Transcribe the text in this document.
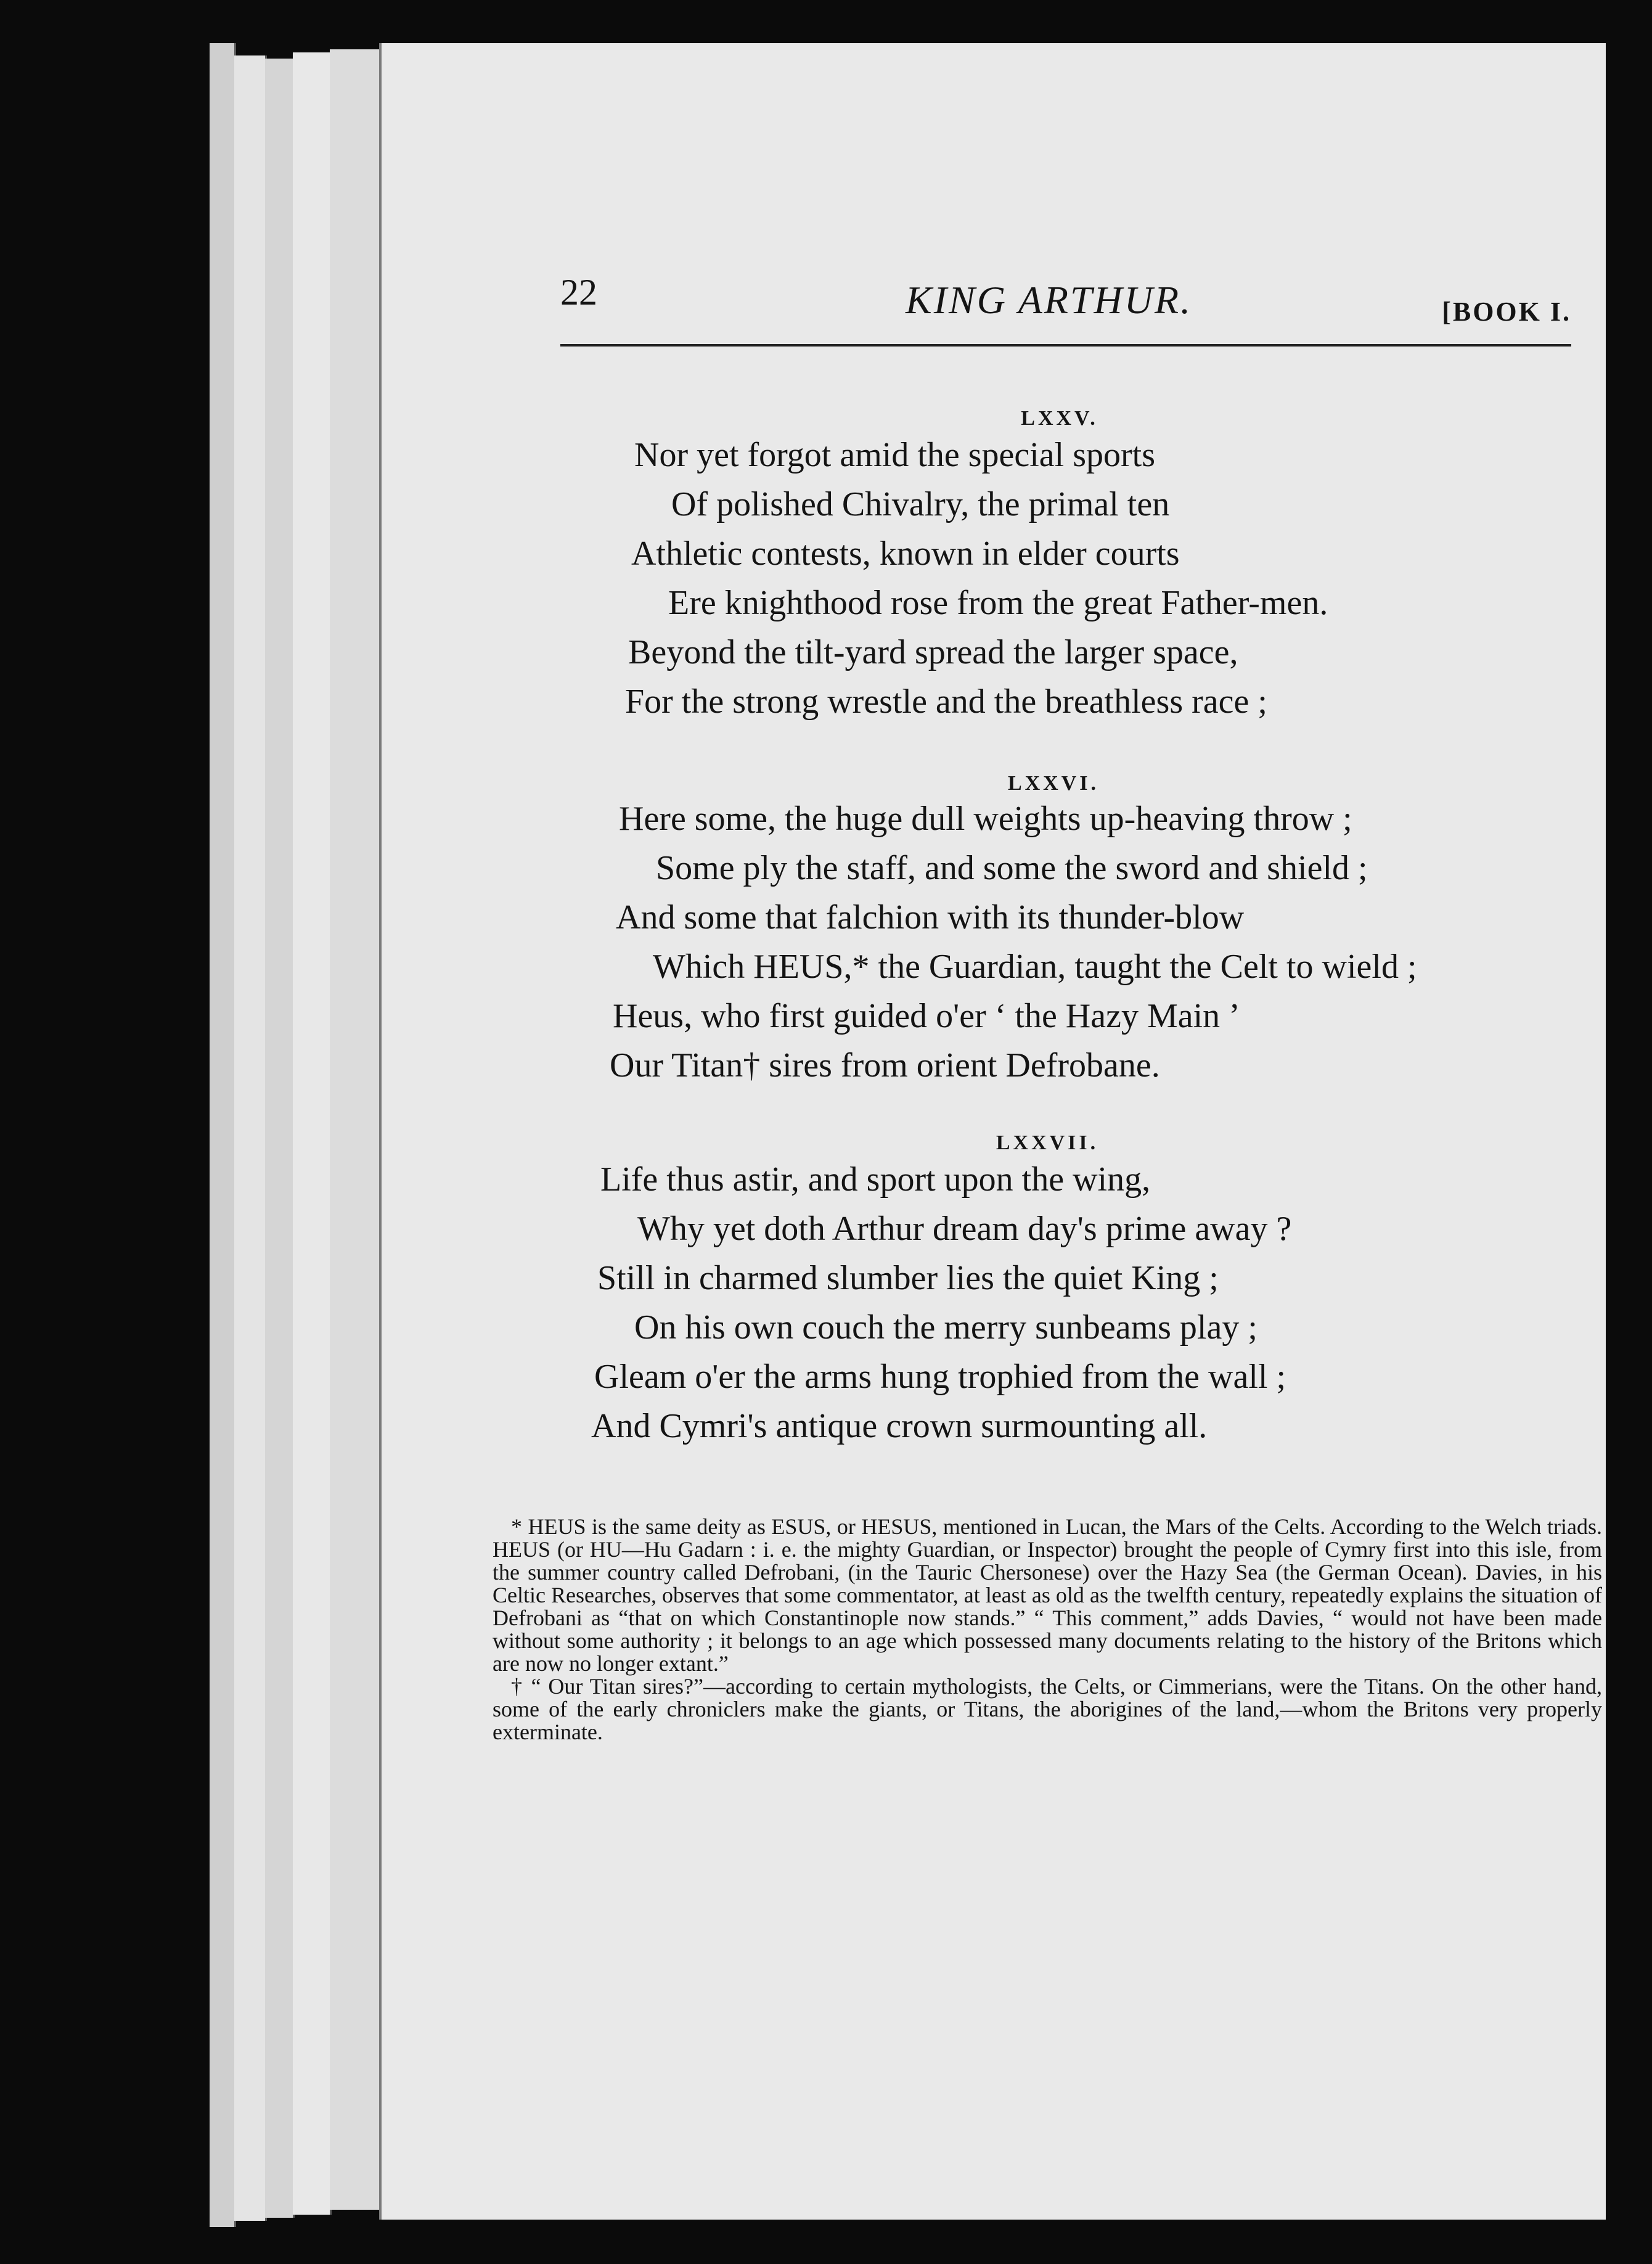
22	KING ARTHUR.	[BOOK I.
LXXV.
Nor yet forgot amid the special sports
Of polished Chivalry, the primal ten
Athletic contests, known in elder courts
Ere knighthood rose from the great Father-men.
Beyond the tilt-yard spread the larger space,
For the strong wrestle and the breathless race ;
LXXVI.
Here some, the huge dull weights up-heaving throw ;
Some ply the staff, and some the sword and shield ;
And some that falchion with its thunder-blow
Which HEUS,* the Guardian, taught the Celt to wield ;
Heus, who first guided o'er ‘ the Hazy Main ’
Our Titan† sires from orient Defrobane.
LXXVII.
Life thus astir, and sport upon the wing,
Why yet doth Arthur dream day's prime away ?
Still in charmed slumber lies the quiet King ;
On his own couch the merry sunbeams play ;
Gleam o'er the arms hung trophied from the wall ;
And Cymri's antique crown surmounting all.

* HEUS is the same deity as ESUS, or HESUS, mentioned in Lucan, the Mars of the Celts. According to the Welch triads. HEUS (or HU—Hu Gadarn : i. e. the mighty Guardian, or Inspector) brought the people of Cymry first into this isle, from the summer country called Defrobani, (in the Tauric Chersonese) over the Hazy Sea (the German Ocean). Davies, in his Celtic Researches, observes that some commentator, at least as old as the twelfth century, repeatedly explains the situation of Defrobani as “that on which Constantinople now stands.” “ This comment,” adds Davies, “ would not have been made without some authority ; it belongs to an age which possessed many documents relating to the history of the Britons which are now no longer extant.”

† “ Our Titan sires?”—according to certain mythologists, the Celts, or Cimmerians, were the Titans. On the other hand, some of the early chroniclers make the giants, or Titans, the aborigines of the land,—whom the Britons very properly exterminate.
